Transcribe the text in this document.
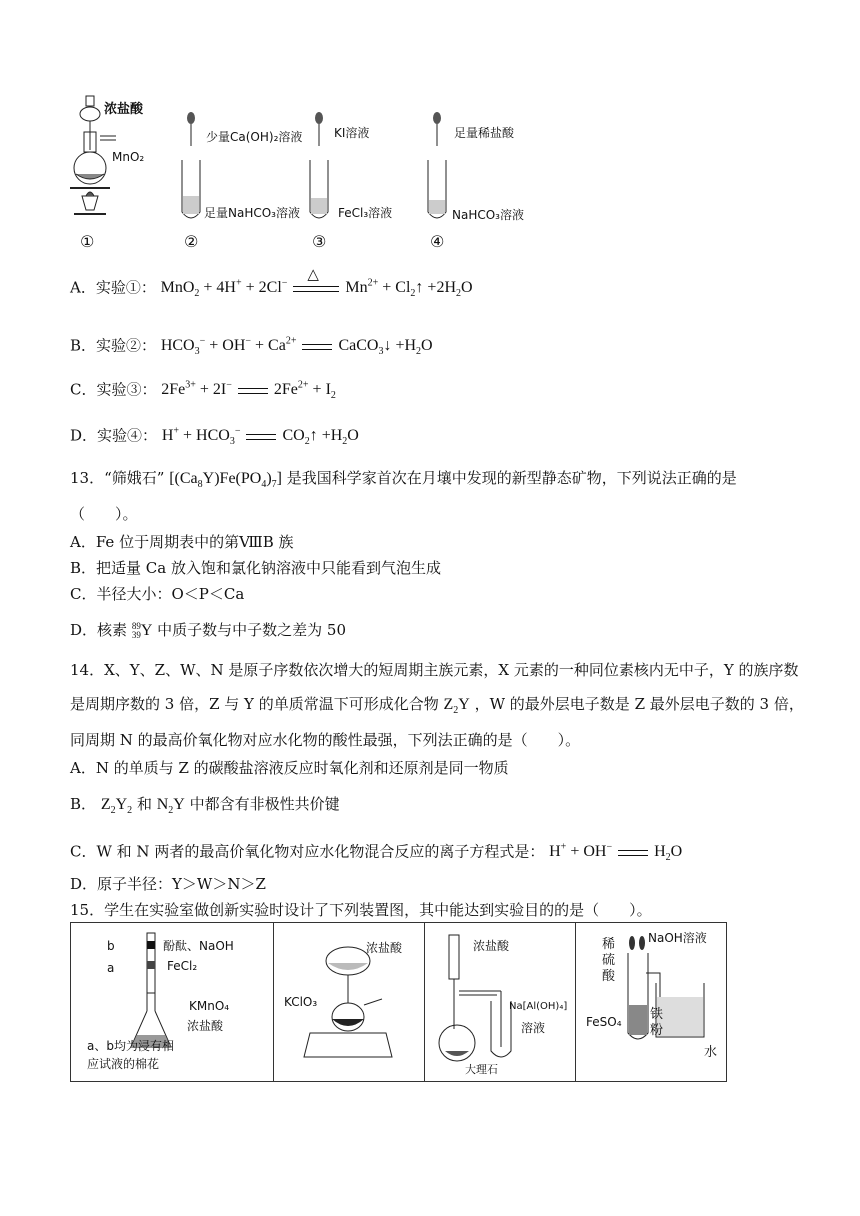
浓盐酸
MnO₂
少量Ca(OH)₂溶液
足量NaHCO₃溶液
KI溶液
FeCl₃溶液
足量稀盐酸
NaHCO₃溶液
①	②	③	④
A．实验①： MnO$_2$ + 4H+ + 2Cl−
△
$Mn^{2+}$ + $Cl_2↑ +2H_2O$
B．实验②： $HCO_3^- + OH^- + Ca^{2+}$	CaCO$_3$↓ $+H_2O$
C．实验③： $2Fe^{3+} + 2I^-$	$2Fe^{2+} + I_2$
D．实验④： $H^+ + HCO_3^-$	$CO_2↑ +H_2O$
13．“筛娥石” $[(Ca_8Y)Fe(PO_4)_7]$ 是我国科学家首次在月壤中发现的新型静态矿物，下列说法正确的是
（　　）。
A．Fe 位于周期表中的第ⅧB 族
B．把适量 Ca 放入饱和氯化钠溶液中只能看到气泡生成
C．半径大小：O＜P＜Ca
D．核素 89
39Y 中质子数与中子数之差为 50
14．X、Y、Z、W、N 是原子序数依次增大的短周期主族元素，X 元素的一种同位素核内无中子，Y 的族序数
是周期序数的 3 倍，Z 与 Y 的单质常温下可形成化合物 $Z_2Y$ ，W 的最外层电子数是 Z 最外层电子数的 3 倍，
同周期 N 的最高价氧化物对应水化物的酸性最强，下列法正确的是（　　）。
A．N 的单质与 Z 的碳酸盐溶液反应时氧化剂和还原剂是同一物质
B． $Z_2Y_2$ 和 $N_2Y$ 中都含有非极性共价键
C．W 和 N 两者的最高价氧化物对应水化物混合反应的离子方程式是： H+ + OH−	$H_2O$
D．原子半径：Y＞W＞N＞Z
15．学生在实验室做创新实验时设计了下列装置图，其中能达到实验目的的是（　　）。
b
a
酚酞、NaOH
FeCl₂
KMnO₄
浓盐酸
a、b均为浸有相
应试液的棉花

浓盐酸
KClO₃

浓盐酸
Na[Al(OH)₄]
溶液
大理石

NaOH溶液
稀
硫
酸
FeSO₄ 铁
粉
水
